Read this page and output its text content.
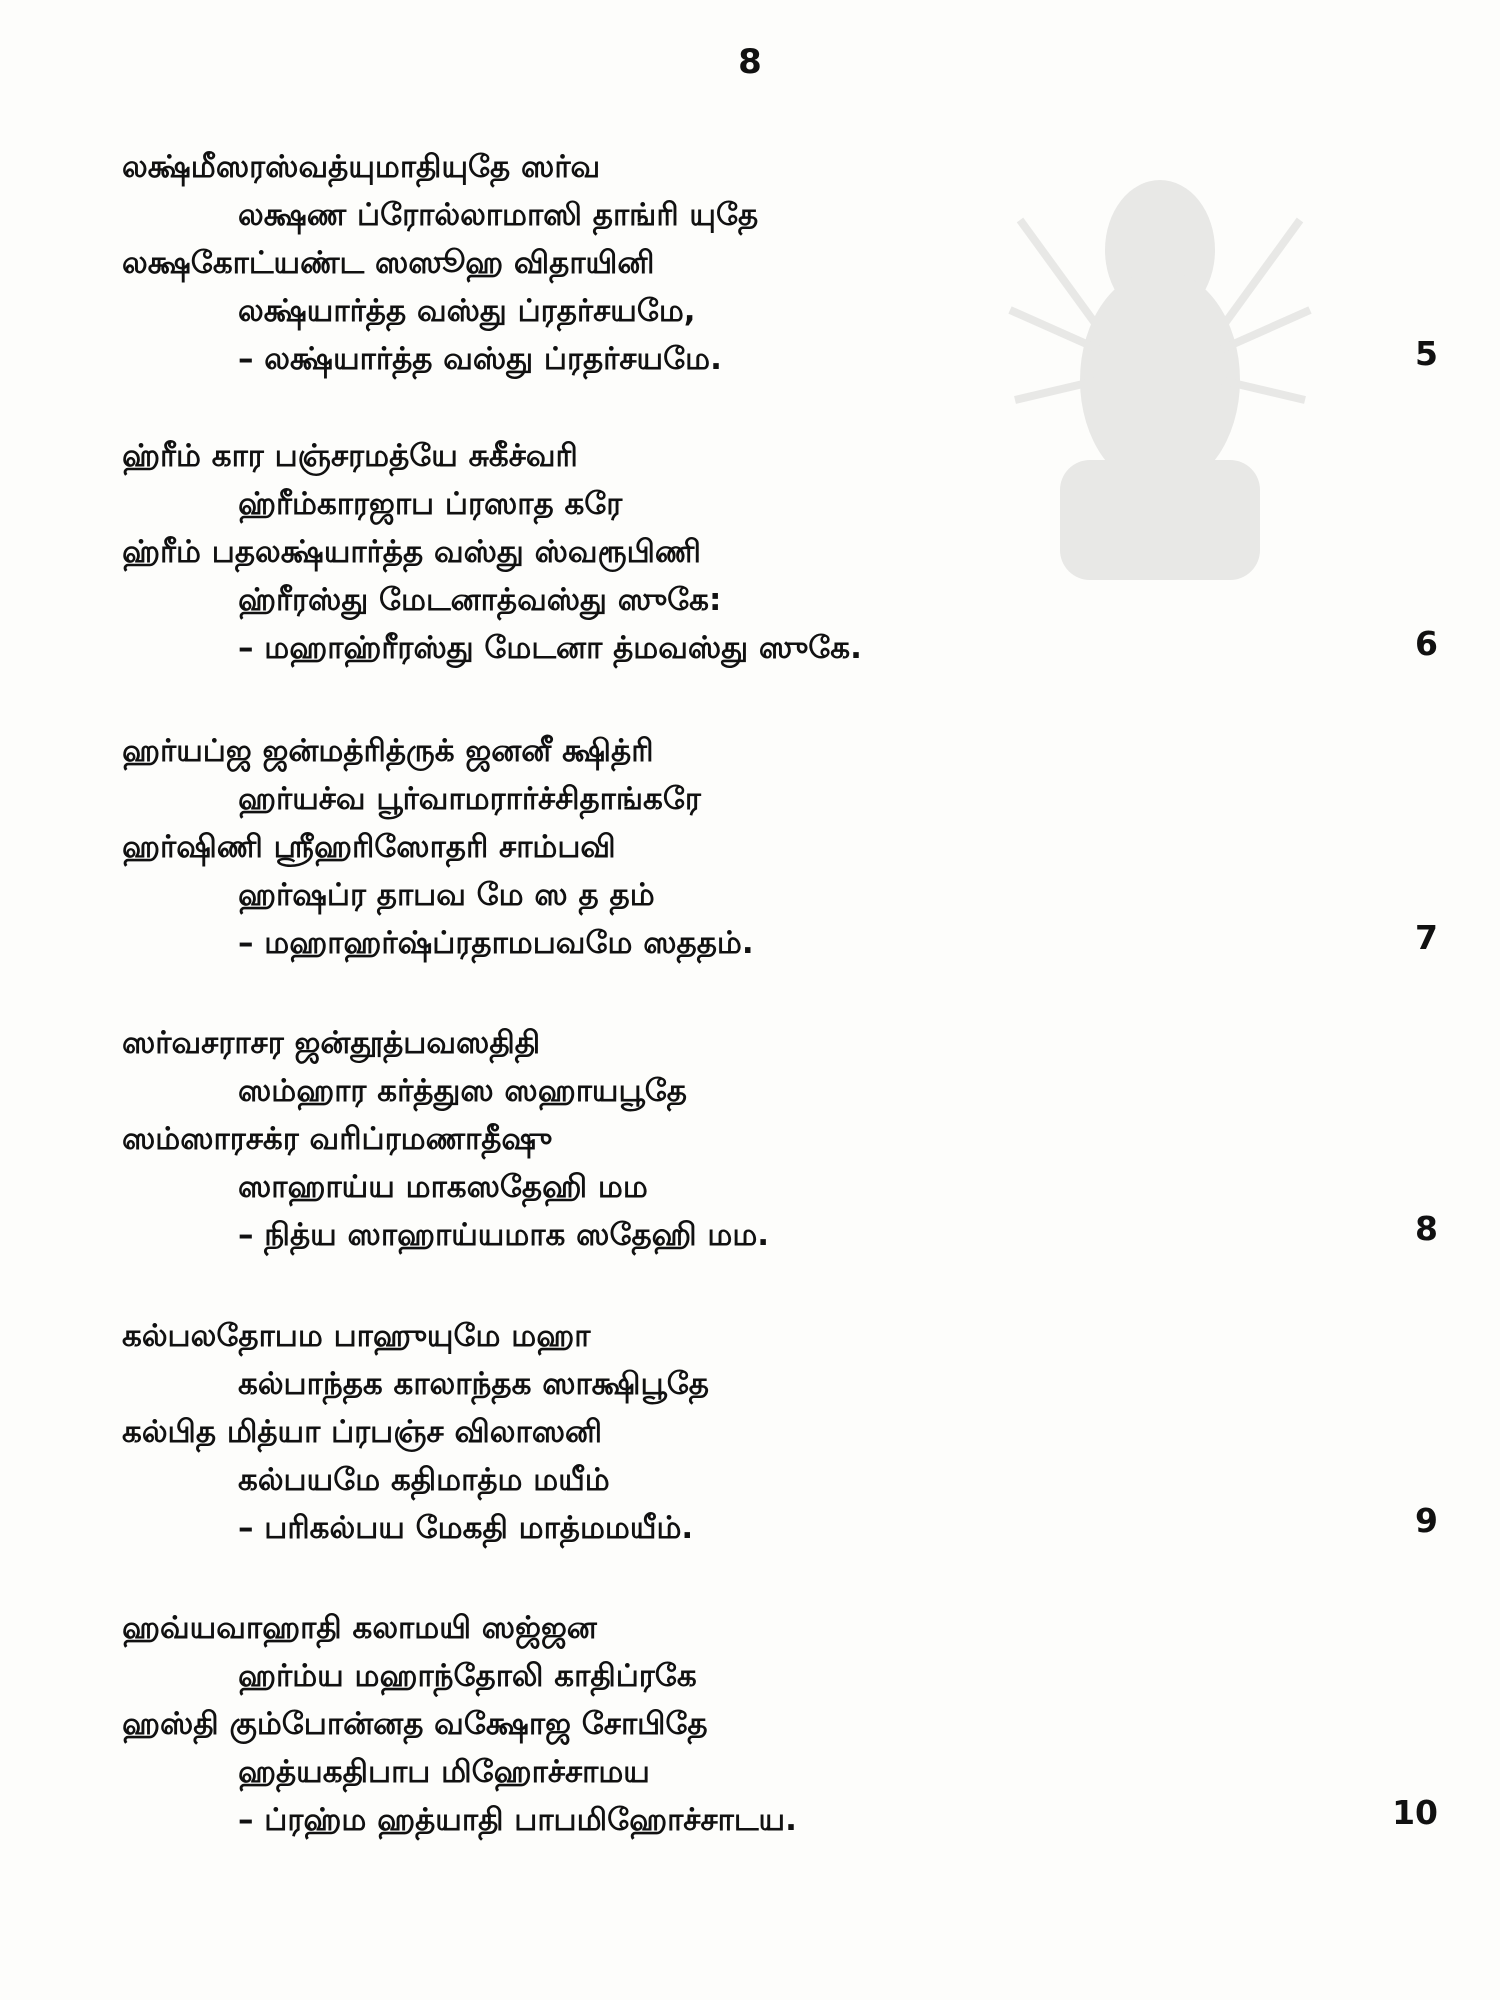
8
லக்ஷ்மீஸரஸ்வத்யுமாதியுதே ஸர்வ
லக்ஷண ப்ரோல்லாமாஸி தாங்ரி யுதே
லக்ஷகோட்யண்ட ஸஸூஹ விதாயினி
லக்ஷ்யார்த்த வஸ்து ப்ரதர்சயமே,
– லக்ஷ்யார்த்த வஸ்து ப்ரதர்சயமே.	5
ஹ்ரீம் கார பஞ்சரமத்யே சுகீச்வரி
ஹ்ரீம்காரஜாப ப்ரஸாத கரே
ஹ்ரீம் பதலக்ஷ்யார்த்த வஸ்து ஸ்வரூபிணி
ஹ்ரீரஸ்து மேடனாத்வஸ்து ஸுகே:
– மஹாஹ்ரீரஸ்து மேடனா த்மவஸ்து ஸுகே.	6
ஹர்யப்ஜ ஜன்மத்ரித்ருக் ஜனனீ க்ஷித்ரி
ஹர்யச்வ பூர்வாமரார்ச்சிதாங்கரே
ஹர்ஷிணி ஸ்ரீஹரிஸோதரி சாம்பவி
ஹர்ஷப்ர தாபவ மே ஸ த தம்
– மஹாஹர்ஷ்ப்ரதாமபவமே ஸததம்.	7
ஸர்வசராசர ஜன்தூத்பவஸதிதி
ஸம்ஹார கர்த்துஸ ஸஹாயபூதே
ஸம்ஸாரசக்ர வரிப்ரமணாதீஷு
ஸாஹாய்ய மாகஸதேஹி மம
– நித்ய ஸாஹாய்யமாக ஸதேஹி மம.	8
கல்பலதோபம பாஹுயுமே மஹா
கல்பாந்தக காலாந்தக ஸாக்ஷிபூதே
கல்பித மித்யா ப்ரபஞ்ச விலாஸனி
கல்பயமே கதிமாத்ம மயீம்
– பரிகல்பய மேகதி மாத்மமயீம்.	9
ஹவ்யவாஹாதி கலாமயி ஸஜ்ஜன
ஹர்ம்ய மஹாந்தோலி காதிப்ரகே
ஹஸ்தி கும்போன்னத வக்ஷோஜ சோபிதே
ஹத்யகதிபாப மிஹோச்சாமய
– ப்ரஹ்ம ஹத்யாதி பாபமிஹோச்சாடய.	10
